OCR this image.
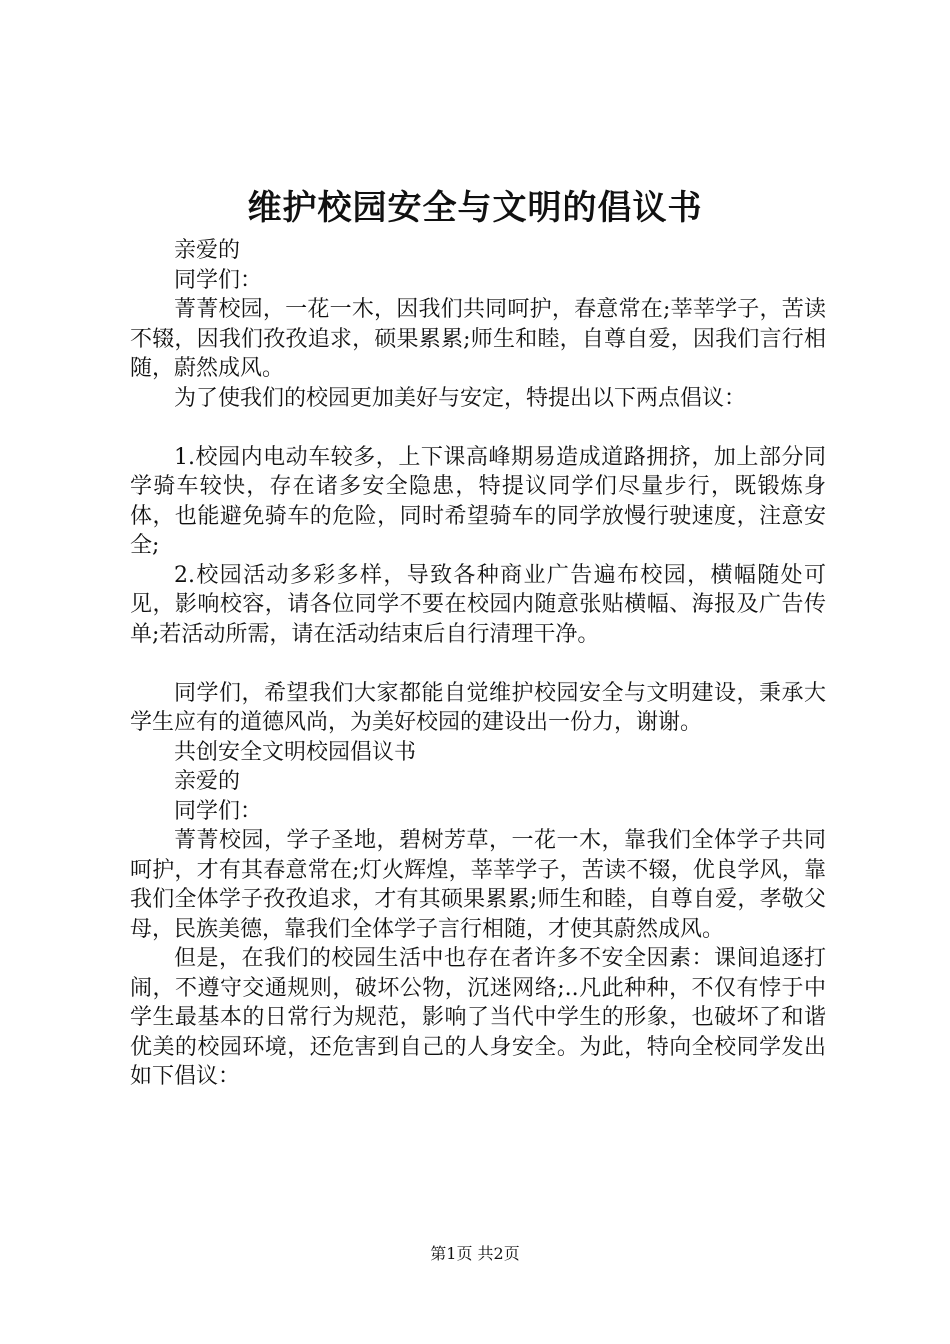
维护校园安全与文明的倡议书

亲爱的

同学们：

菁菁校园，一花一木，因我们共同呵护，春意常在;莘莘学子，苦读不辍，因我们孜孜追求，硕果累累;师生和睦，自尊自爱，因我们言行相随，蔚然成风。

为了使我们的校园更加美好与安定，特提出以下两点倡议：

1.校园内电动车较多，上下课高峰期易造成道路拥挤，加上部分同学骑车较快，存在诸多安全隐患，特提议同学们尽量步行，既锻炼身体，也能避免骑车的危险，同时希望骑车的同学放慢行驶速度，注意安全;

2.校园活动多彩多样，导致各种商业广告遍布校园，横幅随处可见，影响校容，请各位同学不要在校园内随意张贴横幅、海报及广告传单;若活动所需，请在活动结束后自行清理干净。

同学们，希望我们大家都能自觉维护校园安全与文明建设，秉承大学生应有的道德风尚，为美好校园的建设出一份力，谢谢。

共创安全文明校园倡议书

亲爱的

同学们：

菁菁校园，学子圣地，碧树芳草，一花一木，靠我们全体学子共同呵护，才有其春意常在;灯火辉煌，莘莘学子，苦读不辍，优良学风，靠我们全体学子孜孜追求，才有其硕果累累;师生和睦，自尊自爱，孝敬父母，民族美德，靠我们全体学子言行相随，才使其蔚然成风。

但是，在我们的校园生活中也存在者许多不安全因素：课间追逐打闹，不遵守交通规则，破坏公物，沉迷网络;..凡此种种，不仅有悖于中学生最基本的日常行为规范，影响了当代中学生的形象，也破坏了和谐优美的校园环境，还危害到自己的人身安全。为此，特向全校同学发出如下倡议：

第1页 共2页
